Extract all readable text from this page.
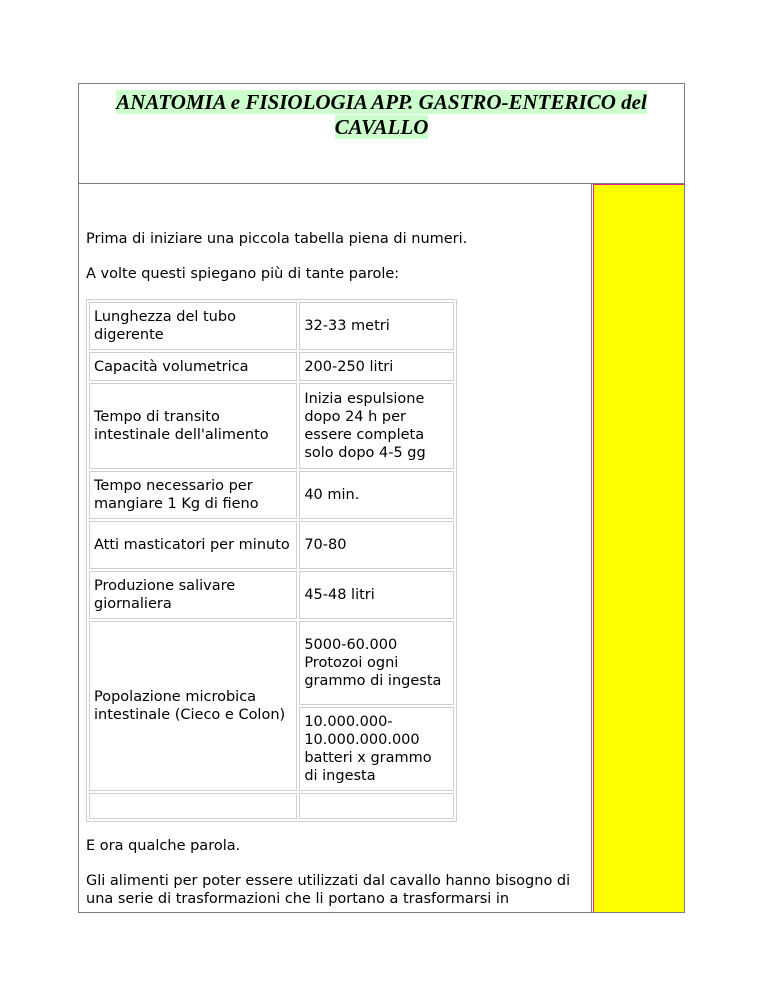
ANATOMIA e FISIOLOGIA APP. GASTRO-ENTERICO del CAVALLO

Prima di iniziare una piccola tabella piena di numeri.

A volte questi spiegano più di tante parole:

Lunghezza del tubo digerente	32-33 metri
Capacità volumetrica	200-250 litri
Tempo di transito intestinale dell'alimento	Inizia espulsione dopo 24 h per essere completa solo dopo 4-5 gg
Tempo necessario per mangiare 1 Kg di fieno	40 min.
Atti masticatori per minuto	70-80
Produzione salivare giornaliera	45-48 litri
Popolazione microbica intestinale (Cieco e Colon)	5000-60.000 Protozoi ogni grammo di ingesta
	10.000.000-10.000.000.000 batteri x grammo di ingesta

E ora qualche parola.

Gli alimenti per poter essere utilizzati dal cavallo hanno bisogno di una serie di trasformazioni che li portano a trasformarsi in
